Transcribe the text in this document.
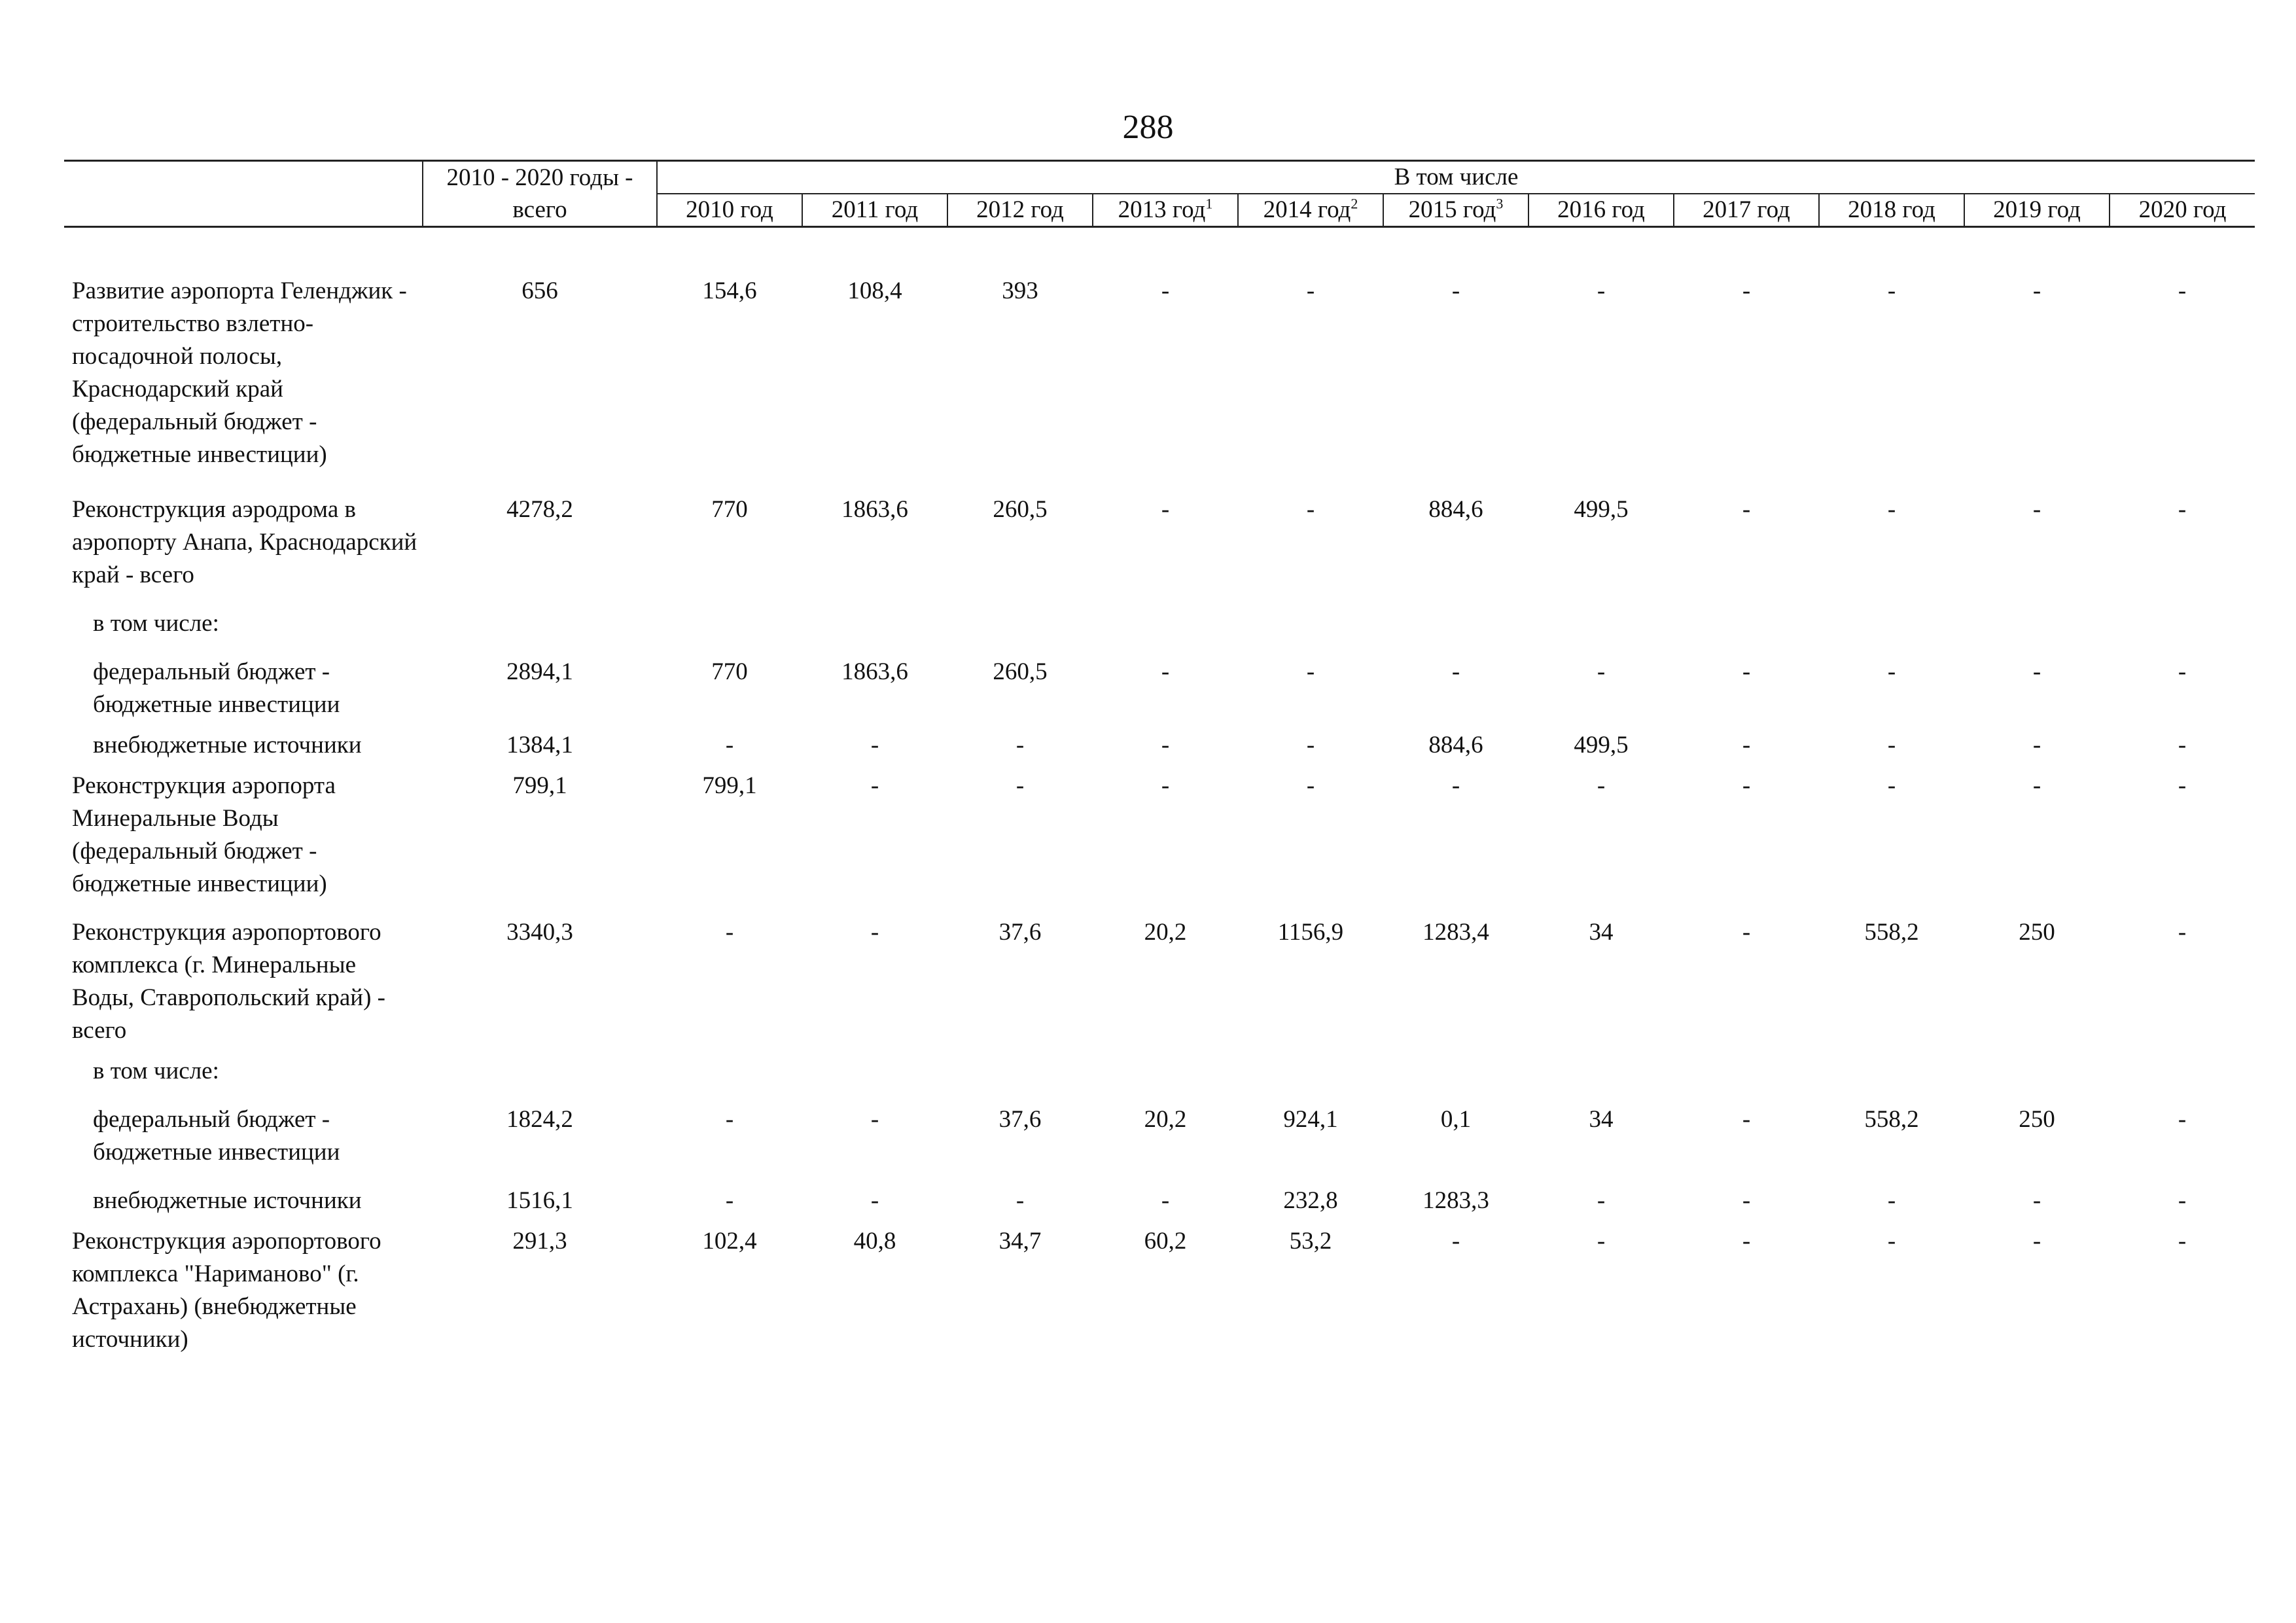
288
	2010 - 2020 годы -	В том числе										
	всего	2010 год	2011 год	2012 год	2013 год$^1$	2014 год$^2$	2015 год$^3$	2016 год	2017 год	2018 год	2019 год	2020 год
Развитие аэропорта Геленджик - строительство взлетно-посадочной полосы, Краснодарский край (федеральный бюджет - бюджетные инвестиции)	656	154,6	108,4	393	-	-	-	-	-	-	-	-
Реконструкция аэродрома в аэропорту Анапа, Краснодарский край - всего	4278,2	770	1863,6	260,5	-	-	884,6	499,5	-	-	-	-
в том числе:												
федеральный бюджет - бюджетные инвестиции	2894,1	770	1863,6	260,5	-	-	-	-	-	-	-	-
внебюджетные источники	1384,1	-	-	-	-	-	884,6	499,5	-	-	-	-
Реконструкция аэропорта Минеральные Воды (федеральный бюджет - бюджетные инвестиции)	799,1	799,1	-	-	-	-	-	-	-	-	-	-
Реконструкция аэропортового комплекса (г. Минеральные Воды, Ставропольский край) - всего	3340,3	-	-	37,6	20,2	1156,9	1283,4	34	-	558,2	250	-
в том числе:												
федеральный бюджет - бюджетные инвестиции	1824,2	-	-	37,6	20,2	924,1	0,1	34	-	558,2	250	-
внебюджетные источники	1516,1	-	-	-	-	232,8	1283,3	-	-	-	-	-
Реконструкция аэропортового комплекса "Нариманово" (г. Астрахань) (внебюджетные источники)	291,3	102,4	40,8	34,7	60,2	53,2	-	-	-	-	-	-
